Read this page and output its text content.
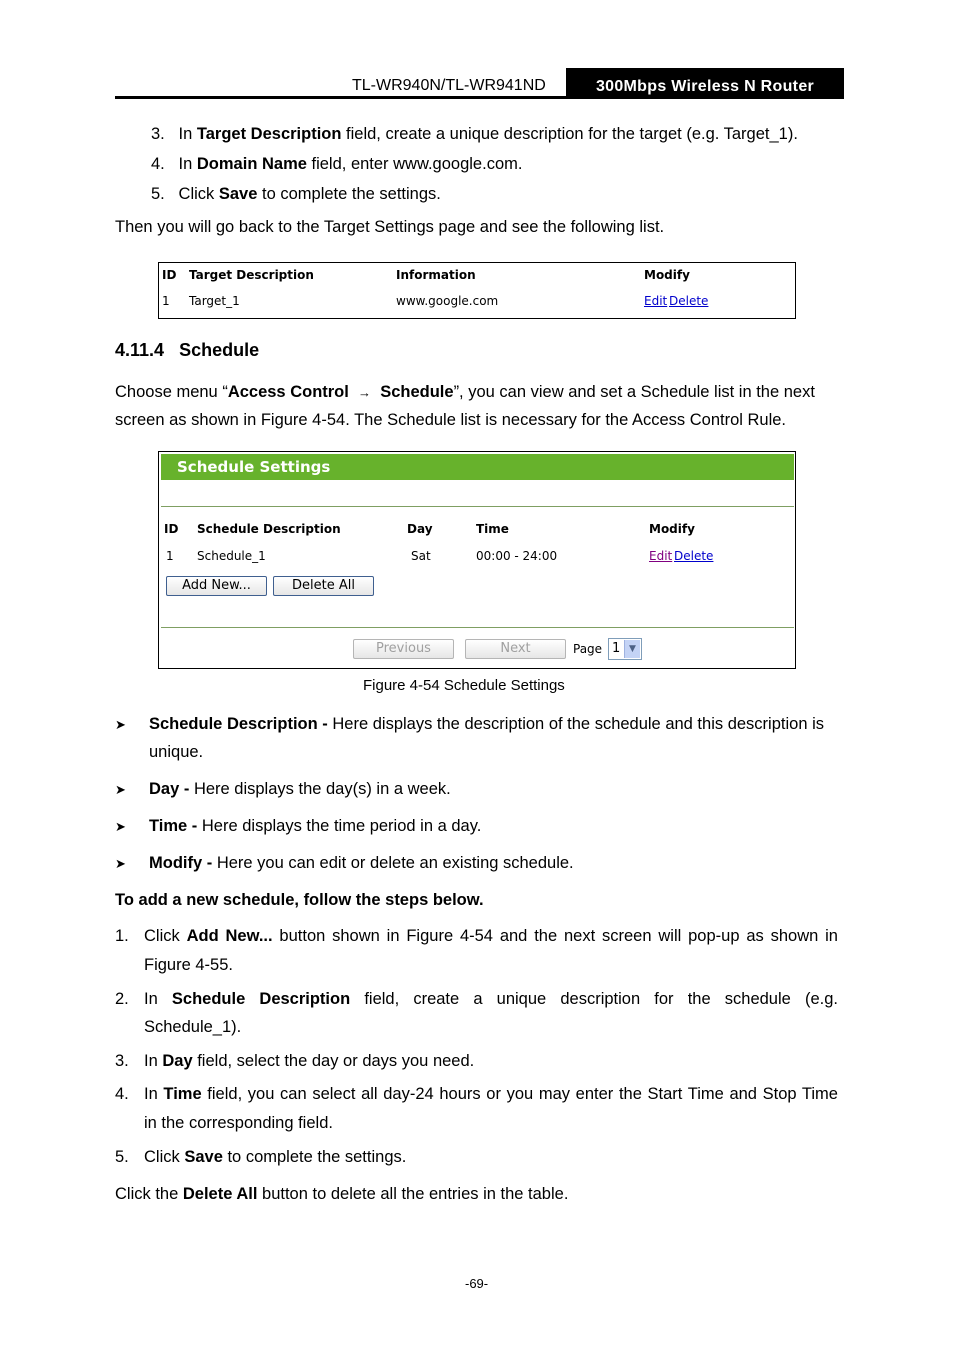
TL-WR940N/TL-WR941ND	300Mbps Wireless N Router
3. In Target Description field, create a unique description for the target (e.g. Target_1).
4. In Domain Name field, enter www.google.com.
5. Click Save to complete the settings.
Then you will go back to the Target Settings page and see the following list.
ID Target Description	Information	Modify
1 Target_1	www.google.com	Edit Delete
4.11.4 Schedule
Choose menu “Access Control → Schedule”, you can view and set a Schedule list in the next
screen as shown in Figure 4-54. The Schedule list is necessary for the Access Control Rule.
Schedule Settings
ID Schedule Description	Day	Time	Modify
1 Schedule_1	Sat	00:00 - 24:00	Edit Delete
Add New...	Delete All
Previous	Next	Page 1 ▼
Figure 4-54 Schedule Settings
➤ Schedule Description - Here displays the description of the schedule and this description is
unique.
➤ Day - Here displays the day(s) in a week.
➤ Time - Here displays the time period in a day.
➤ Modify - Here you can edit or delete an existing schedule.
To add a new schedule, follow the steps below.
1. Click Add New... button shown in Figure 4-54 and the next screen will pop-up as shown in
Figure 4-55.
2. In Schedule Description field, create a unique description for the schedule (e.g.
Schedule_1).
3. In Day field, select the day or days you need.
4. In Time field, you can select all day-24 hours or you may enter the Start Time and Stop Time
in the corresponding field.
5. Click Save to complete the settings.
Click the Delete All button to delete all the entries in the table.
-69-
